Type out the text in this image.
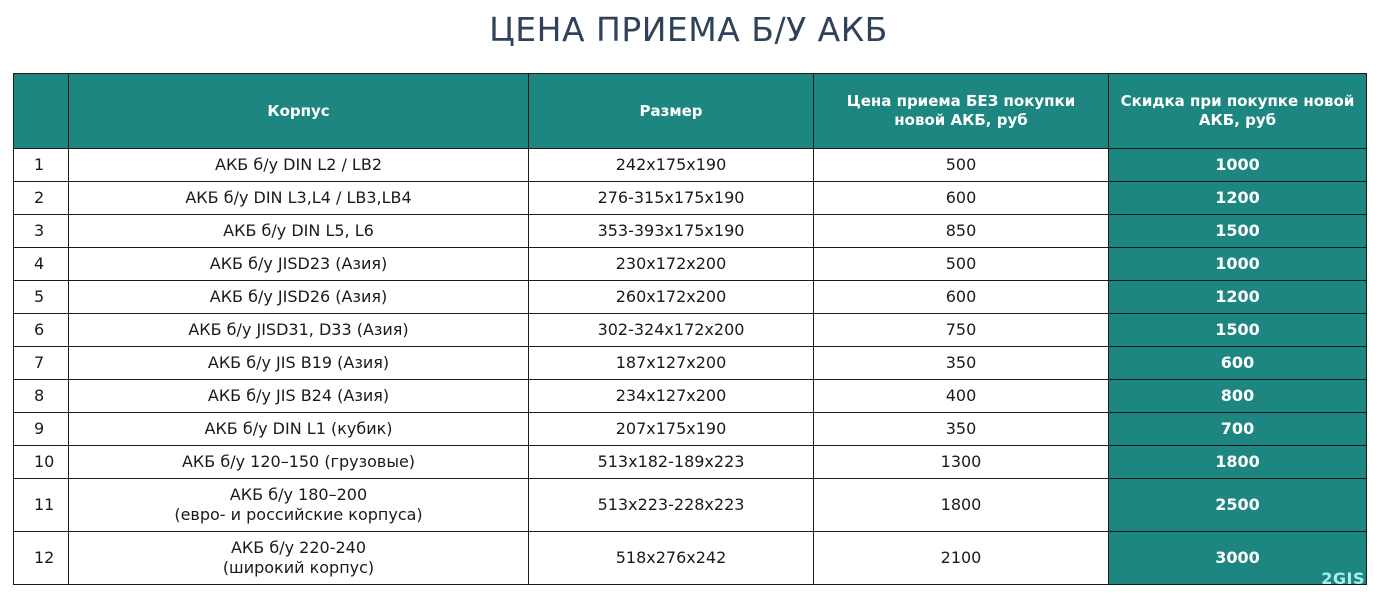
ЦЕНА ПРИЕМА Б/У АКБ
	Корпус	Размер	Цена приема БЕЗ покупки новой АКБ, руб	Скидка при покупке новой АКБ, руб
1	АКБ б/у DIN L2 / LB2	242x175x190	500	1000
2	АКБ б/у DIN L3,L4 / LB3,LB4	276-315x175x190	600	1200
3	АКБ б/у DIN L5, L6	353-393x175x190	850	1500
4	АКБ б/у JISD23 (Азия)	230x172x200	500	1000
5	АКБ б/у JISD26 (Азия)	260x172x200	600	1200
6	АКБ б/у JISD31, D33 (Азия)	302-324x172x200	750	1500
7	АКБ б/у JIS B19 (Азия)	187x127x200	350	600
8	АКБ б/у JIS B24 (Азия)	234x127x200	400	800
9	АКБ б/у DIN L1 (кубик)	207x175x190	350	700
10	АКБ б/у 120–150 (грузовые)	513x182-189x223	1300	1800
11	АКБ б/у 180–200
(евро- и российские корпуса)	513x223-228x223	1800	2500
12	АКБ б/у 220-240
(широкий корпус)	518x276x242	2100	3000
2GIS
